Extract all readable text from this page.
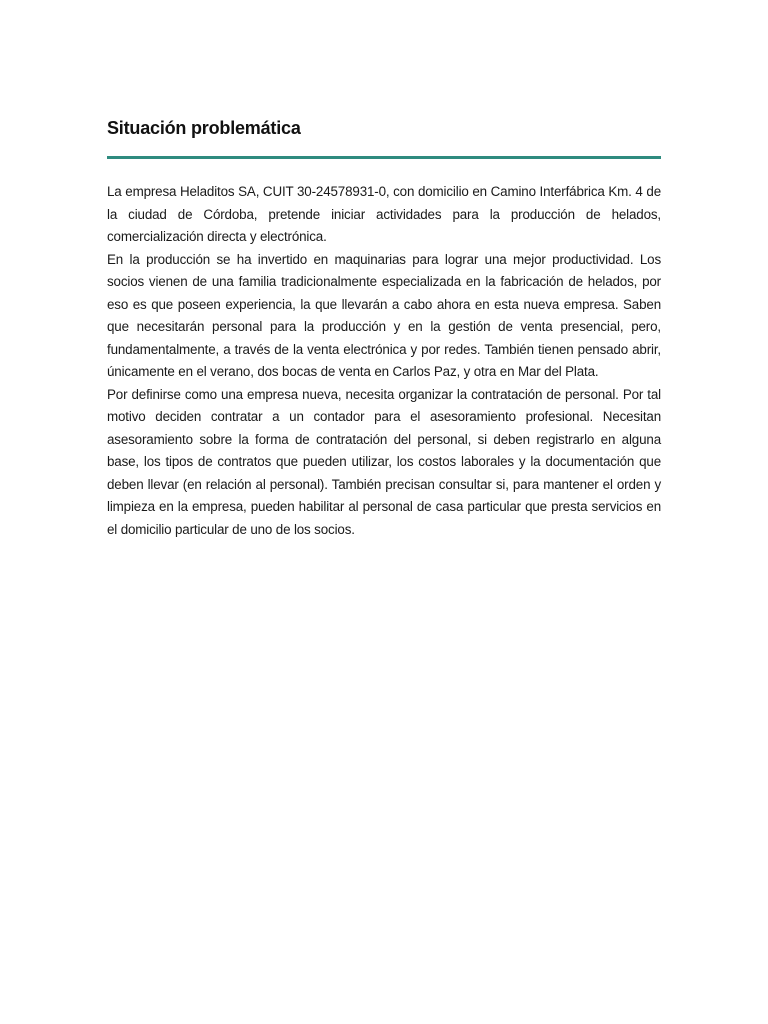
Situación problemática

La empresa Heladitos SA, CUIT 30-24578931-0, con domicilio en Camino Interfábrica Km. 4 de la ciudad de Córdoba, pretende iniciar actividades para la producción de helados, comercialización directa y electrónica.

En la producción se ha invertido en maquinarias para lograr una mejor productividad. Los socios vienen de una familia tradicionalmente especializada en la fabricación de helados, por eso es que poseen experiencia, la que llevarán a cabo ahora en esta nueva empresa. Saben que necesitarán personal para la producción y en la gestión de venta presencial, pero, fundamentalmente, a través de la venta electrónica y por redes. También tienen pensado abrir, únicamente en el verano, dos bocas de venta en Carlos Paz, y otra en Mar del Plata.

Por definirse como una empresa nueva, necesita organizar la contratación de personal. Por tal motivo deciden contratar a un contador para el asesoramiento profesional. Necesitan asesoramiento sobre la forma de contratación del personal, si deben registrarlo en alguna base, los tipos de contratos que pueden utilizar, los costos laborales y la documentación que deben llevar (en relación al personal). También precisan consultar si, para mantener el orden y limpieza en la empresa, pueden habilitar al personal de casa particular que presta servicios en el domicilio particular de uno de los socios.
